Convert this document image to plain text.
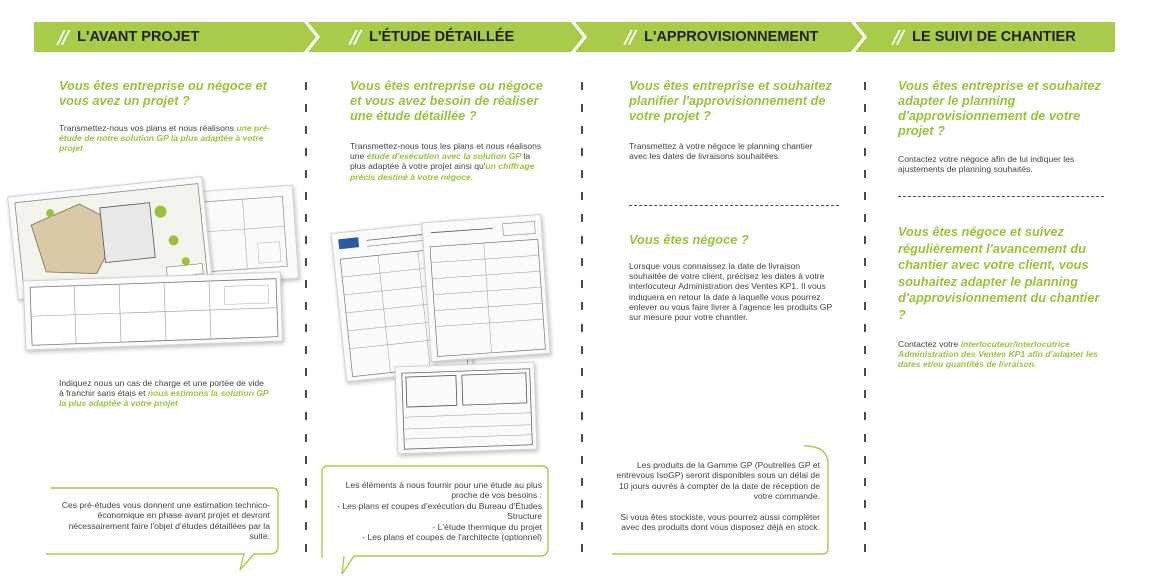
// L'AVANT PROJET	// L'ÉTUDE DÉTAILLÉE	// L'APPROVISIONNEMENT	// LE SUIVI DE CHANTIER
Vous êtes entreprise ou négoce et vous avez un projet ?
Transmettez-nous vos plans et nous réalisons une pré-étude de notre solution GP la plus adaptée à votre projet
Indiquez nous un cas de charge et une portée de vide à franchir sans étais et nous estimons la solution GP la plus adaptée à votre projet
Ces pré-études vous donnent une estimation technico-économique en phase avant projet et devront nécessairement faire l'objet d'études détaillées par la suite.
Vous êtes entreprise ou négoce et vous avez besoin de réaliser une étude détaillée ?
Transmettez-nous tous les plans et nous réalisons une étude d'exécution avec la solution GP la plus adaptée à votre projet ainsi qu'un chiffrage précis destiné à votre négoce.
Les éléments à nous fournir pour une étude au plus proche de vos besoins :
- Les plans et coupes d'exécution du Bureau d'Études Structure
- L'étude thermique du projet
- Les plans et coupes de l'architecte (optionnel)
Vous êtes entreprise et souhaitez planifier l'approvisionnement de votre projet ?
Transmettez à votre négoce le planning chantier avec les dates de livraisons souhaitées.
Vous êtes négoce ?
Lorsque vous connaissez la date de livraison souhaitée de votre client, précisez les dates à votre interlocuteur Administration des Ventes KP1. Il vous indiquera en retour la date à laquelle vous pourrez enlever ou vous faire livrer à l'agence les produits GP sur mesure pour votre chantier.
Les produits de la Gamme GP (Poutrelles GP et entrevous IsoGP) seront disponibles sous un délai de 10 jours ouvrés à compter de la date de réception de votre commande.
Si vous êtes stockiste, vous pourrez aussi compléter avec des produits dont vous disposez déjà en stock.
Vous êtes entreprise et souhaitez adapter le planning d'approvisionnement de votre projet ?
Contactez votre négoce afin de lui indiquer les ajustements de planning souhaités.
Vous êtes négoce et suivez régulièrement l'avancement du chantier avec votre client, vous souhaitez adapter le planning d'approvisionnement du chantier ?
Contactez votre interlocuteur/interlocutrice Administration des Ventes KP1 afin d'adapter les dates et/ou quantités de livraison.
